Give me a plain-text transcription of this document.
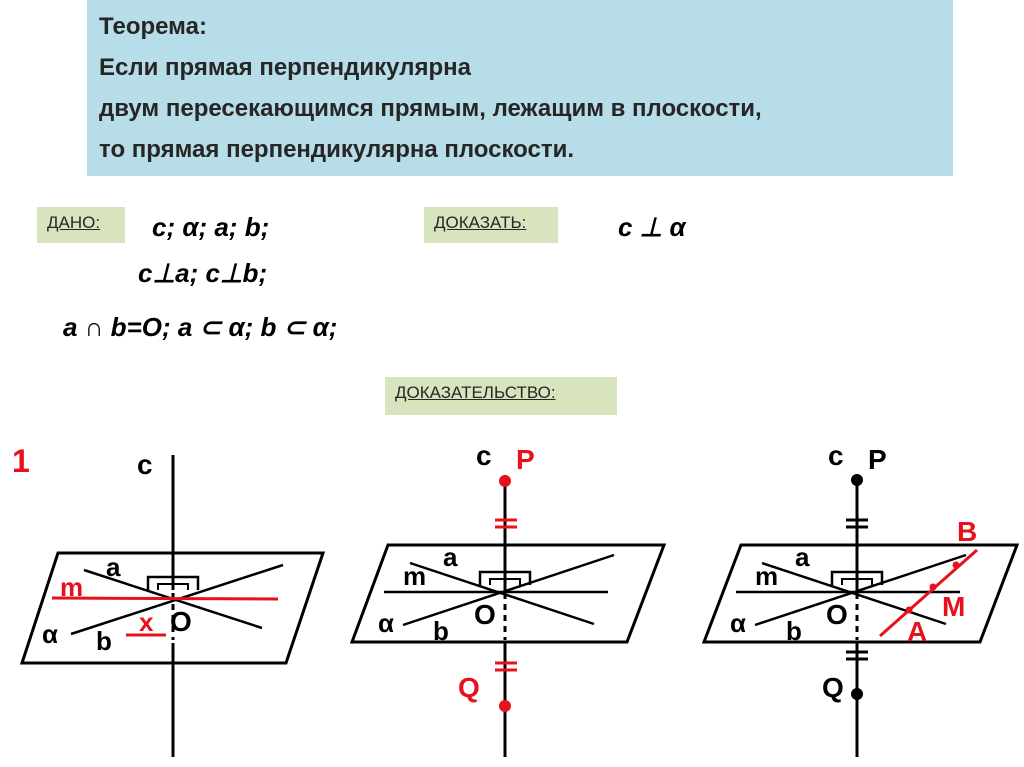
Теорема:
Если прямая перпендикулярна
двум пересекающимся прямым, лежащим в плоскости,
то прямая перпендикулярна плоскости.
ДАНО:	c; α; a; b;
c⊥a; c⊥b;
a ∩ b=O; a ⊂ α; b ⊂ α;
ДОКАЗАТЬ:	c ⊥ α
ДОКАЗАТЕЛЬСТВО:
1	c
a
m
α b
x O
c P
a
m
α b
O
Q
c P
a
m
α b
O
Q
B
M
A
